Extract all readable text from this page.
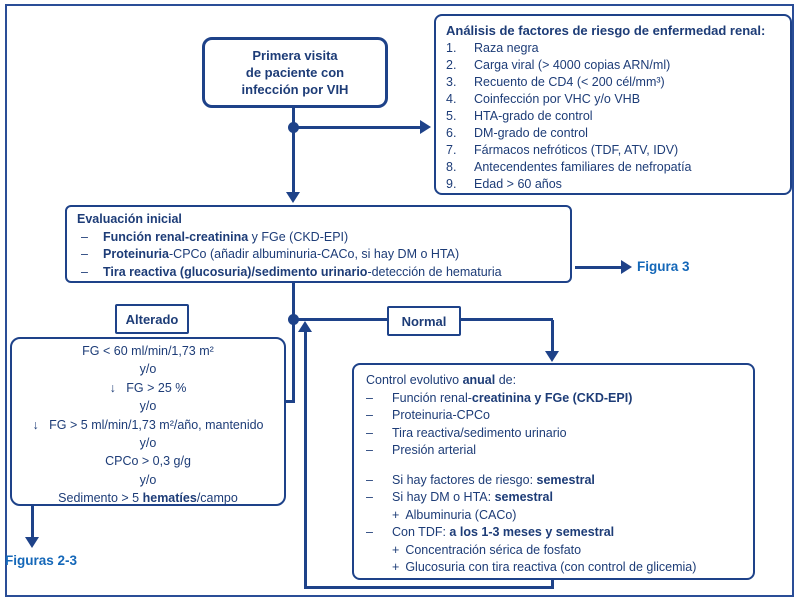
Primera visita
de paciente con
infección por VIH
Análisis de factores de riesgo de enfermedad renal:
1.	Raza negra
2.	Carga viral (> 4000 copias ARN/ml)
3.	Recuento de CD4 (< 200 cél/mm³)
4.	Coinfección por VHC y/o VHB
5.	HTA-grado de control
6.	DM-grado de control
7.	Fármacos nefróticos (TDF, ATV, IDV)
8.	Antecendentes familiares de nefropatía
9.	Edad > 60 años
Evaluación inicial
–	Función renal-creatinina y FGe (CKD-EPI)
–	Proteinuria-CPCo (añadir albuminuria-CACo, si hay DM o HTA)
–	Tira reactiva (glucosuria)/sedimento urinario-detección de hematuria	Figura 3
Alterado	Normal
FG < 60 ml/min/1,73 m²
y/o
↓   FG > 25 %
y/o
↓   FG > 5 ml/min/1,73 m²/año, mantenido
y/o
CPCo > 0,3 g/g
y/o
Sedimento > 5 hematíes/campo
Figuras 2-3
Control evolutivo anual de:
–	Función renal-creatinina y FGe (CKD-EPI)
–	Proteinuria-CPCo
–	Tira reactiva/sedimento urinario
–	Presión arterial
–	Si hay factores de riesgo: semestral
–	Si hay DM o HTA: semestral
+ Albuminuria (CACo)
–	Con TDF: a los 1-3 meses y semestral
+ Concentración sérica de fosfato
+ Glucosuria con tira reactiva (con control de glicemia)
